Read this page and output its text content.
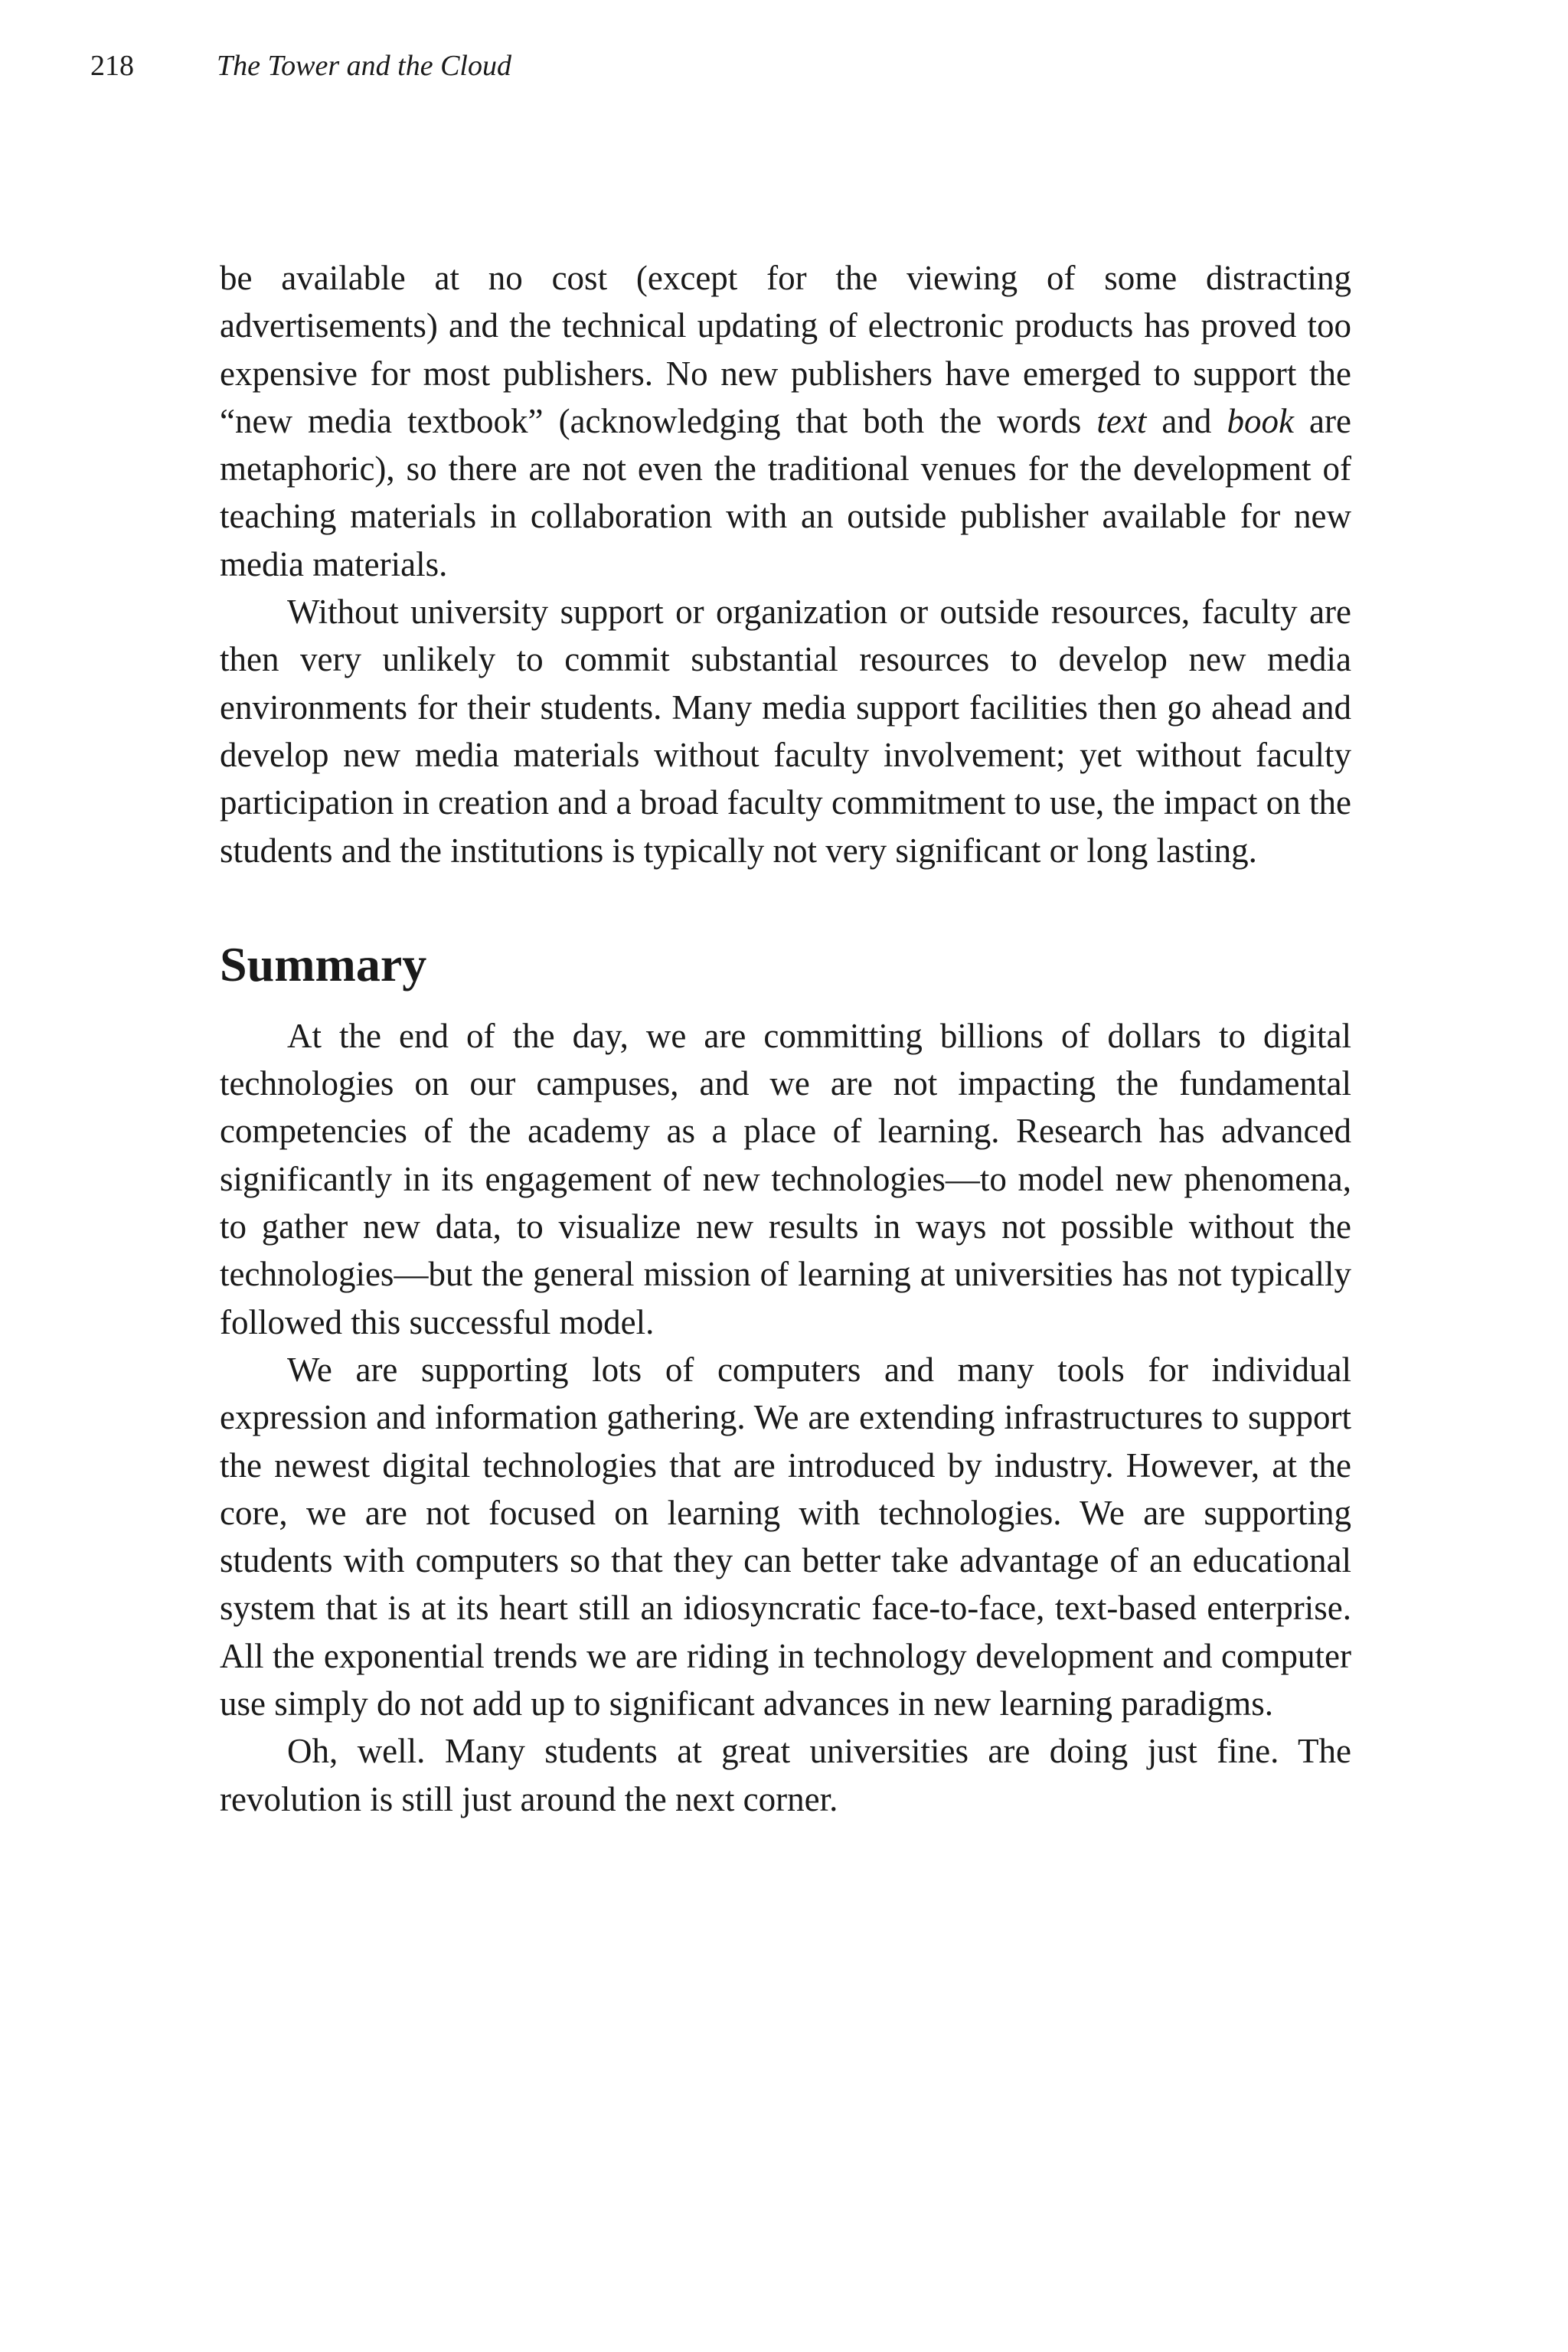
218	The Tower and the Cloud

be available at no cost (except for the viewing of some distracting advertisements) and the technical updating of electronic products has proved too expensive for most publishers. No new publishers have emerged to support the “new media textbook” (acknowledging that both the words text and book are metaphoric), so there are not even the traditional venues for the development of teaching materials in collaboration with an outside publisher available for new media materials.

Without university support or organization or outside resources, faculty are then very unlikely to commit substantial resources to develop new media environments for their students. Many media support facilities then go ahead and develop new media materials without faculty involvement; yet without faculty participation in creation and a broad faculty commitment to use, the impact on the students and the institutions is typically not very significant or long lasting.

Summary

At the end of the day, we are committing billions of dollars to digital technologies on our campuses, and we are not impacting the fundamental competencies of the academy as a place of learning. Research has advanced significantly in its engagement of new technologies—to model new phenomena, to gather new data, to visualize new results in ways not possible without the technologies—but the general mission of learning at universities has not typically followed this successful model.

We are supporting lots of computers and many tools for individual expression and information gathering. We are extending infrastructures to support the newest digital technologies that are introduced by industry. However, at the core, we are not focused on learning with technologies. We are supporting students with computers so that they can better take advantage of an educational system that is at its heart still an idiosyncratic face-to-face, text-based enterprise. All the exponential trends we are riding in technology development and computer use simply do not add up to significant advances in new learning paradigms.

Oh, well. Many students at great universities are doing just fine. The revolution is still just around the next corner.
